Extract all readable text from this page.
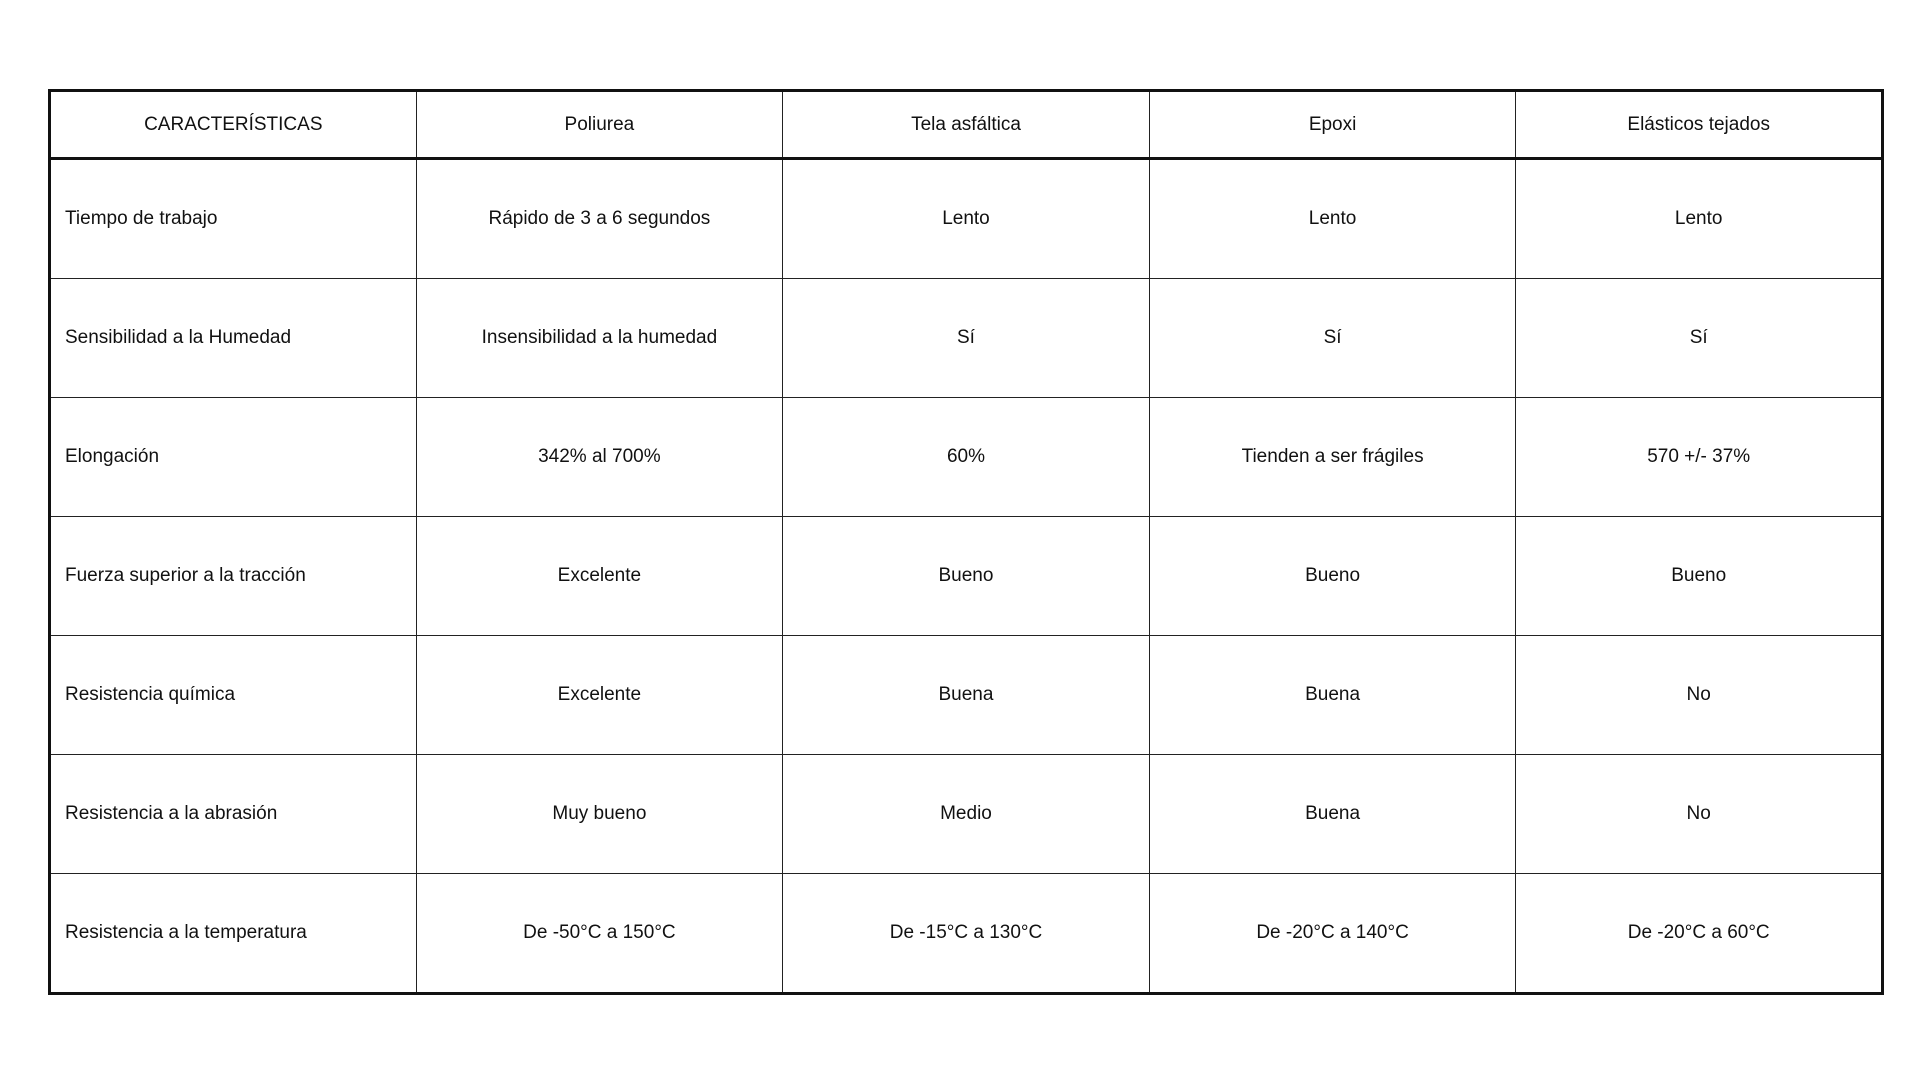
CARACTERÍSTICAS	Poliurea	Tela asfáltica	Epoxi	Elásticos tejados
Tiempo de trabajo	Rápido de 3 a 6 segundos	Lento	Lento	Lento
Sensibilidad a la Humedad	Insensibilidad a la humedad	Sí	Sí	Sí
Elongación	342% al 700%	60%	Tienden a ser frágiles	570 +/- 37%
Fuerza superior a la tracción	Excelente	Bueno	Bueno	Bueno
Resistencia química	Excelente	Buena	Buena	No
Resistencia a la abrasión	Muy bueno	Medio	Buena	No
Resistencia a la temperatura	De -50°C a 150°C	De -15°C a 130°C	De -20°C a 140°C	De -20°C a 60°C
